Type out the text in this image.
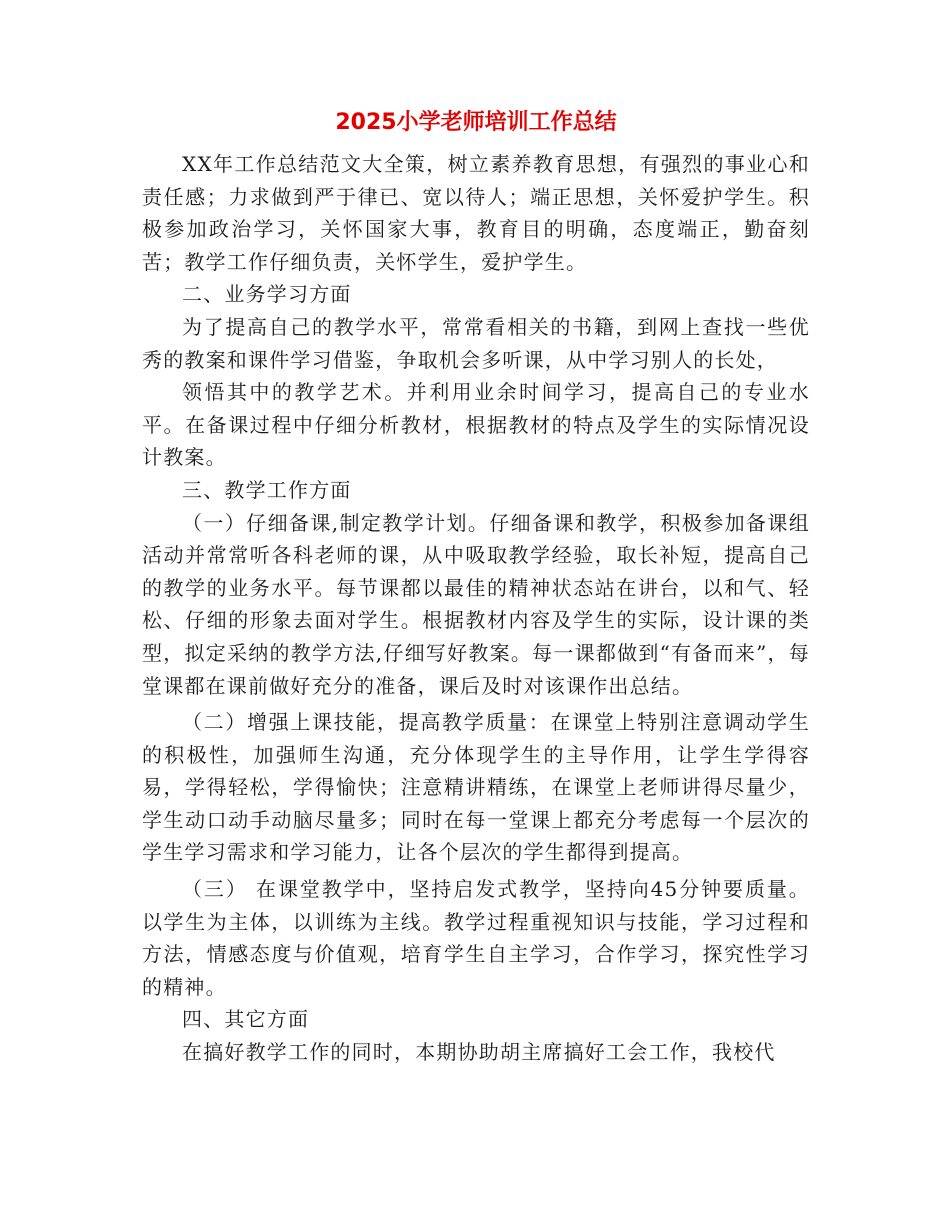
2025小学老师培训工作总结

XX年工作总结范文大全策，树立素养教育思想，有强烈的事业心和责任感；力求做到严于律已、宽以待人；端正思想，关怀爱护学生。积极参加政治学习，关怀国家大事，教育目的明确，态度端正，勤奋刻苦；教学工作仔细负责，关怀学生，爱护学生。

二、业务学习方面

为了提高自己的教学水平，常常看相关的书籍，到网上查找一些优秀的教案和课件学习借鉴，争取机会多听课，从中学习别人的长处，

领悟其中的教学艺术。并利用业余时间学习，提高自己的专业水平。在备课过程中仔细分析教材，根据教材的特点及学生的实际情况设计教案。

三、教学工作方面

（一）仔细备课,制定教学计划。仔细备课和教学，积极参加备课组活动并常常听各科老师的课，从中吸取教学经验，取长补短，提高自己的教学的业务水平。每节课都以最佳的精神状态站在讲台，以和气、轻松、仔细的形象去面对学生。根据教材内容及学生的实际，设计课的类型，拟定采纳的教学方法,仔细写好教案。每一课都做到“有备而来”，每堂课都在课前做好充分的准备，课后及时对该课作出总结。

（二）增强上课技能，提高教学质量：在课堂上特别注意调动学生的积极性，加强师生沟通，充分体现学生的主导作用，让学生学得容易，学得轻松，学得愉快；注意精讲精练，在课堂上老师讲得尽量少，学生动口动手动脑尽量多；同时在每一堂课上都充分考虑每一个层次的学生学习需求和学习能力，让各个层次的学生都得到提高。

（三） 在课堂教学中，坚持启发式教学，坚持向45分钟要质量。以学生为主体，以训练为主线。教学过程重视知识与技能，学习过程和方法，情感态度与价值观，培育学生自主学习，合作学习，探究性学习的精神。

四、其它方面

在搞好教学工作的同时，本期协助胡主席搞好工会工作，我校代
